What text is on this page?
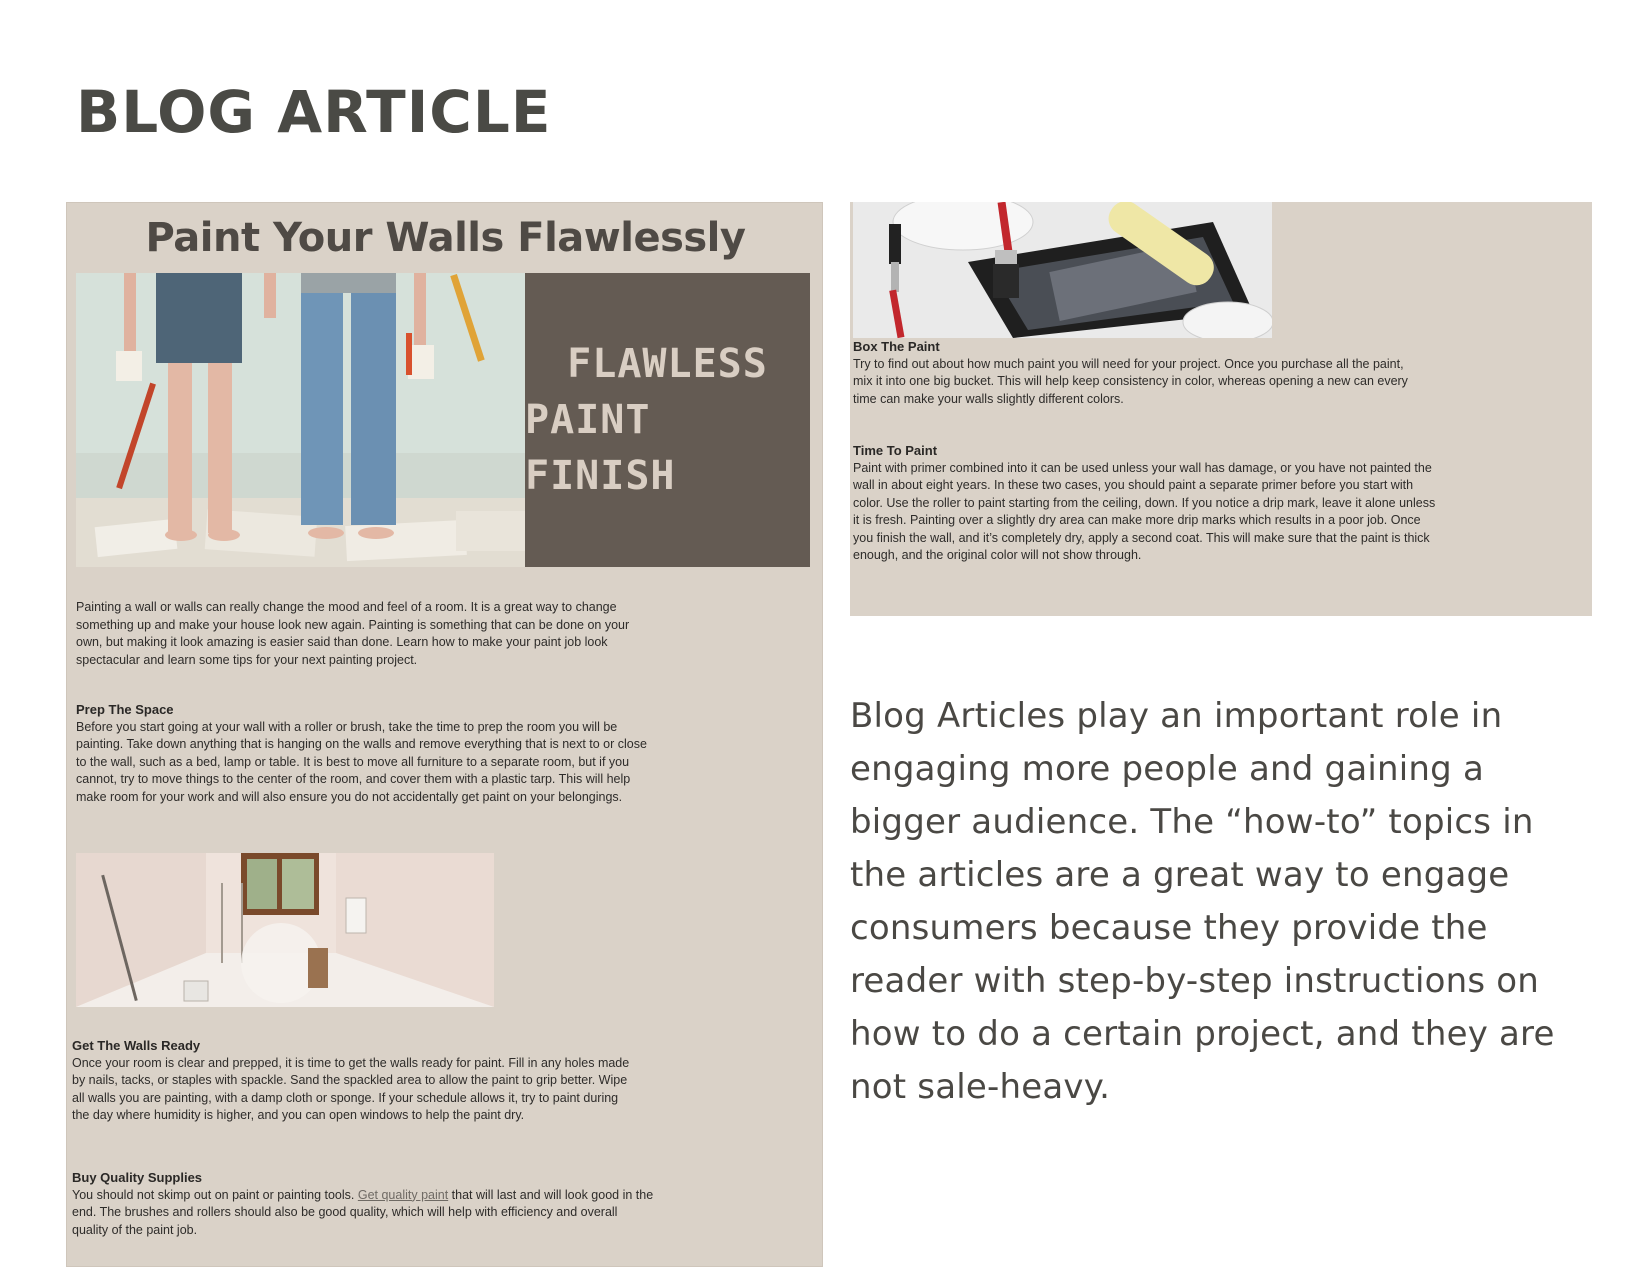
BLOG ARTICLE
Paint Your Walls Flawlessly
FLAWLESS
PAINT FINISH

Painting a wall or walls can really change the mood and feel of a room. It is a great way to change something up and make your house look new again. Painting is something that can be done on your own, but making it look amazing is easier said than done. Learn how to make your paint job look spectacular and learn some tips for your next painting project.

Prep The Space
Before you start going at your wall with a roller or brush, take the time to prep the room you will be painting. Take down anything that is hanging on the walls and remove everything that is next to or close to the wall, such as a bed, lamp or table. It is best to move all furniture to a separate room, but if you cannot, try to move things to the center of the room, and cover them with a plastic tarp. This will help make room for your work and will also ensure you do not accidentally get paint on your belongings.
Get The Walls Ready
Once your room is clear and prepped, it is time to get the walls ready for paint. Fill in any holes made by nails, tacks, or staples with spackle. Sand the spackled area to allow the paint to grip better. Wipe all walls you are painting, with a damp cloth or sponge. If your schedule allows it, try to paint during the day where humidity is higher, and you can open windows to help the paint dry.
Buy Quality Supplies
You should not skimp out on paint or painting tools. Get quality paint that will last and will look good in the end. The brushes and rollers should also be good quality, which will help with efficiency and overall quality of the paint job.
Box The Paint
Try to find out about how much paint you will need for your project. Once you purchase all the paint, mix it into one big bucket. This will help keep consistency in color, whereas opening a new can every time can make your walls slightly different colors.
Time To Paint
Paint with primer combined into it can be used unless your wall has damage, or you have not painted the wall in about eight years. In these two cases, you should paint a separate primer before you start with color. Use the roller to paint starting from the ceiling, down. If you notice a drip mark, leave it alone unless it is fresh. Painting over a slightly dry area can make more drip marks which results in a poor job. Once you finish the wall, and it’s completely dry, apply a second coat. This will make sure that the paint is thick enough, and the original color will not show through.

Blog Articles play an important role in engaging more people and gaining a bigger audience. The “how-to” topics in the articles are a great way to engage consumers because they provide the reader with step-by-step instructions on how to do a certain project, and they are not sale-heavy.
